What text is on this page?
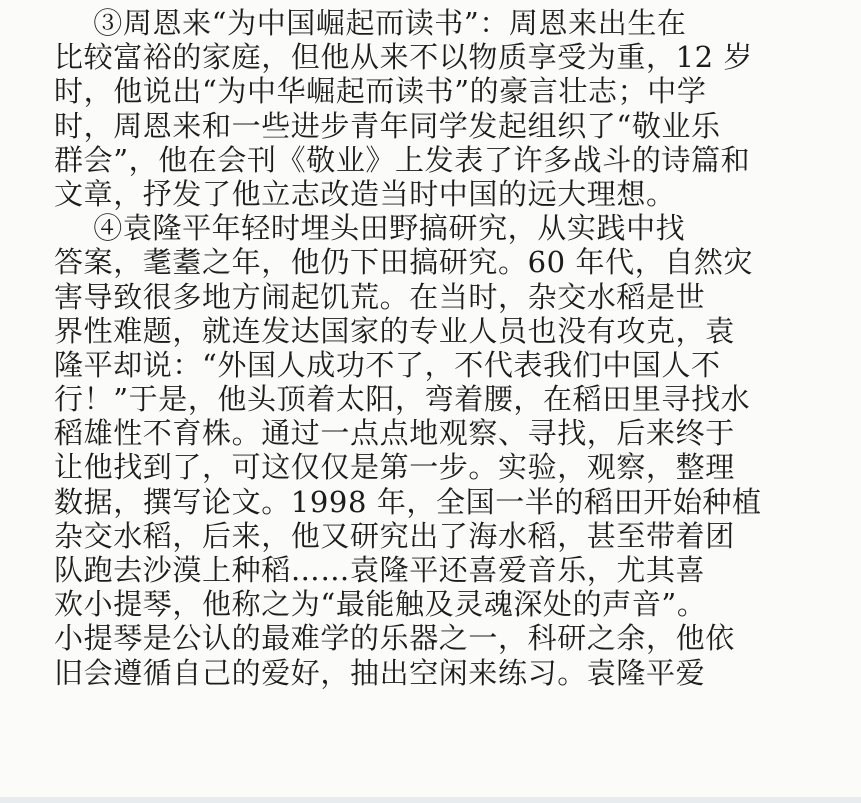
③周恩来“为中国崛起而读书”：周恩来出生在
比较富裕的家庭，但他从来不以物质享受为重，12 岁
时，他说出“为中华崛起而读书”的豪言壮志；中学
时，周恩来和一些进步青年同学发起组织了“敬业乐
群会”，他在会刊《敬业》上发表了许多战斗的诗篇和
文章，抒发了他立志改造当时中国的远大理想。
④袁隆平年轻时埋头田野搞研究，从实践中找
答案，耄耋之年，他仍下田搞研究。60 年代，自然灾
害导致很多地方闹起饥荒。在当时，杂交水稻是世
界性难题，就连发达国家的专业人员也没有攻克，袁
隆平却说：“外国人成功不了，不代表我们中国人不
行！”于是，他头顶着太阳，弯着腰，在稻田里寻找水
稻雄性不育株。通过一点点地观察、寻找，后来终于
让他找到了，可这仅仅是第一步。实验，观察，整理
数据，撰写论文。1998 年，全国一半的稻田开始种植
杂交水稻，后来，他又研究出了海水稻，甚至带着团
队跑去沙漠上种稻……袁隆平还喜爱音乐，尤其喜
欢小提琴，他称之为“最能触及灵魂深处的声音”。
小提琴是公认的最难学的乐器之一，科研之余，他依
旧会遵循自己的爱好，抽出空闲来练习。袁隆平爱
